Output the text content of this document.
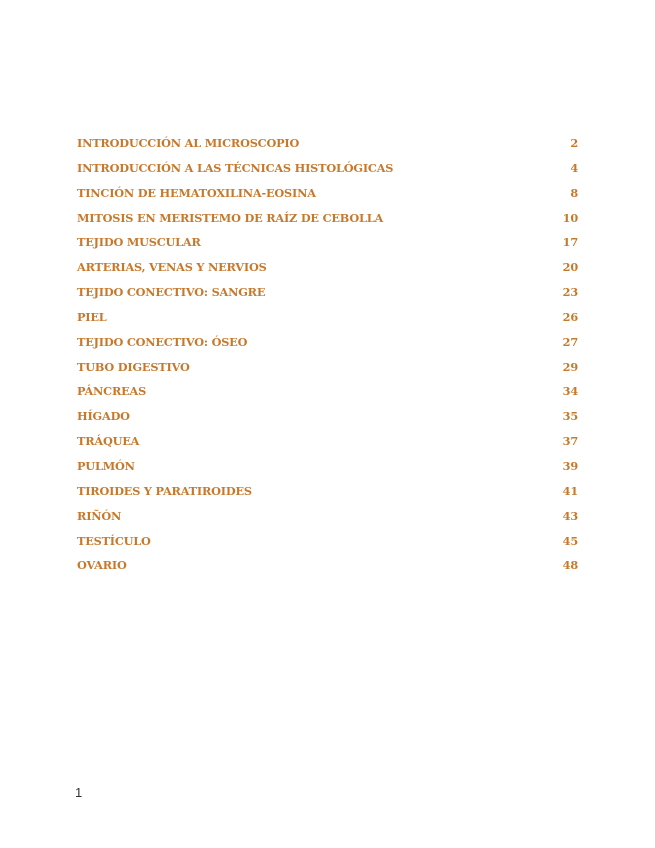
INTRODUCCIÓN AL MICROSCOPIO	2
INTRODUCCIÓN A LAS TÉCNICAS HISTOLÓGICAS	4
TINCIÓN DE HEMATOXILINA-EOSINA	8
MITOSIS EN MERISTEMO DE RAÍZ DE CEBOLLA	10
TEJIDO MUSCULAR	17
ARTERIAS, VENAS Y NERVIOS	20
TEJIDO CONECTIVO: SANGRE	23
PIEL	26
TEJIDO CONECTIVO: ÓSEO	27
TUBO DIGESTIVO	29
PÁNCREAS	34
HÍGADO	35
TRÁQUEA	37
PULMÓN	39
TIROIDES Y PARATIROIDES	41
RIÑÓN	43
TESTÍCULO	45
OVARIO	48
1
